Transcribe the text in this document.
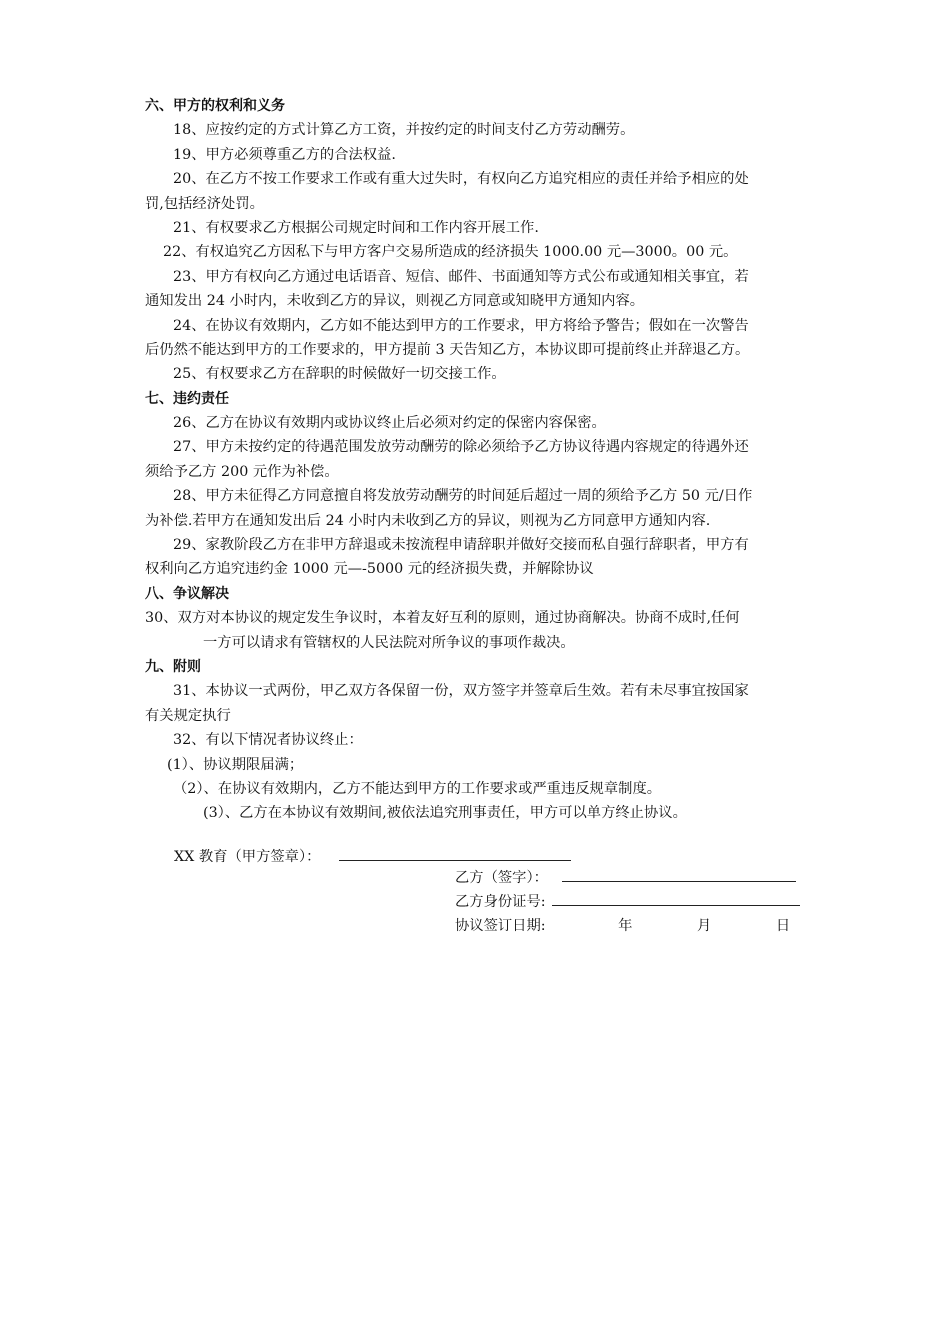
六、甲方的权利和义务
18、应按约定的方式计算乙方工资，并按约定的时间支付乙方劳动酬劳。
19、甲方必须尊重乙方的合法权益.
20、在乙方不按工作要求工作或有重大过失时，有权向乙方追究相应的责任并给予相应的处
罚,包括经济处罚。
21、有权要求乙方根据公司规定时间和工作内容开展工作.
22、有权追究乙方因私下与甲方客户交易所造成的经济损失 1000.00 元—3000。00 元。
23、甲方有权向乙方通过电话语音、短信、邮件、书面通知等方式公布或通知相关事宜，若
通知发出 24 小时内，未收到乙方的异议，则视乙方同意或知晓甲方通知内容。
24、在协议有效期内，乙方如不能达到甲方的工作要求，甲方将给予警告；假如在一次警告
后仍然不能达到甲方的工作要求的，甲方提前 3 天告知乙方，本协议即可提前终止并辞退乙方。
25、有权要求乙方在辞职的时候做好一切交接工作。
七、违约责任
26、乙方在协议有效期内或协议终止后必须对约定的保密内容保密。
27、甲方未按约定的待遇范围发放劳动酬劳的除必须给予乙方协议待遇内容规定的待遇外还
须给予乙方 200 元作为补偿。
28、甲方未征得乙方同意擅自将发放劳动酬劳的时间延后超过一周的须给予乙方 50 元/日作
为补偿.若甲方在通知发出后 24 小时内未收到乙方的异议，则视为乙方同意甲方通知内容.
29、家教阶段乙方在非甲方辞退或未按流程申请辞职并做好交接而私自强行辞职者，甲方有
权利向乙方追究违约金 1000 元—-5000 元的经济损失费，并解除协议
八、争议解决
30、双方对本协议的规定发生争议时，本着友好互利的原则，通过协商解决。协商不成时,任何
一方可以请求有管辖权的人民法院对所争议的事项作裁决。
九、附则
31、本协议一式两份，甲乙双方各保留一份，双方签字并签章后生效。若有未尽事宜按国家
有关规定执行
32、有以下情况者协议终止：
(1）、协议期限届满；
（2）、在协议有效期内，乙方不能达到甲方的工作要求或严重违反规章制度。
(3）、乙方在本协议有效期间,被依法追究刑事责任，甲方可以单方终止协议。
XX 教育（甲方签章）：
乙方（签字）：
乙方身份证号:
协议签订日期:	年	月	日
